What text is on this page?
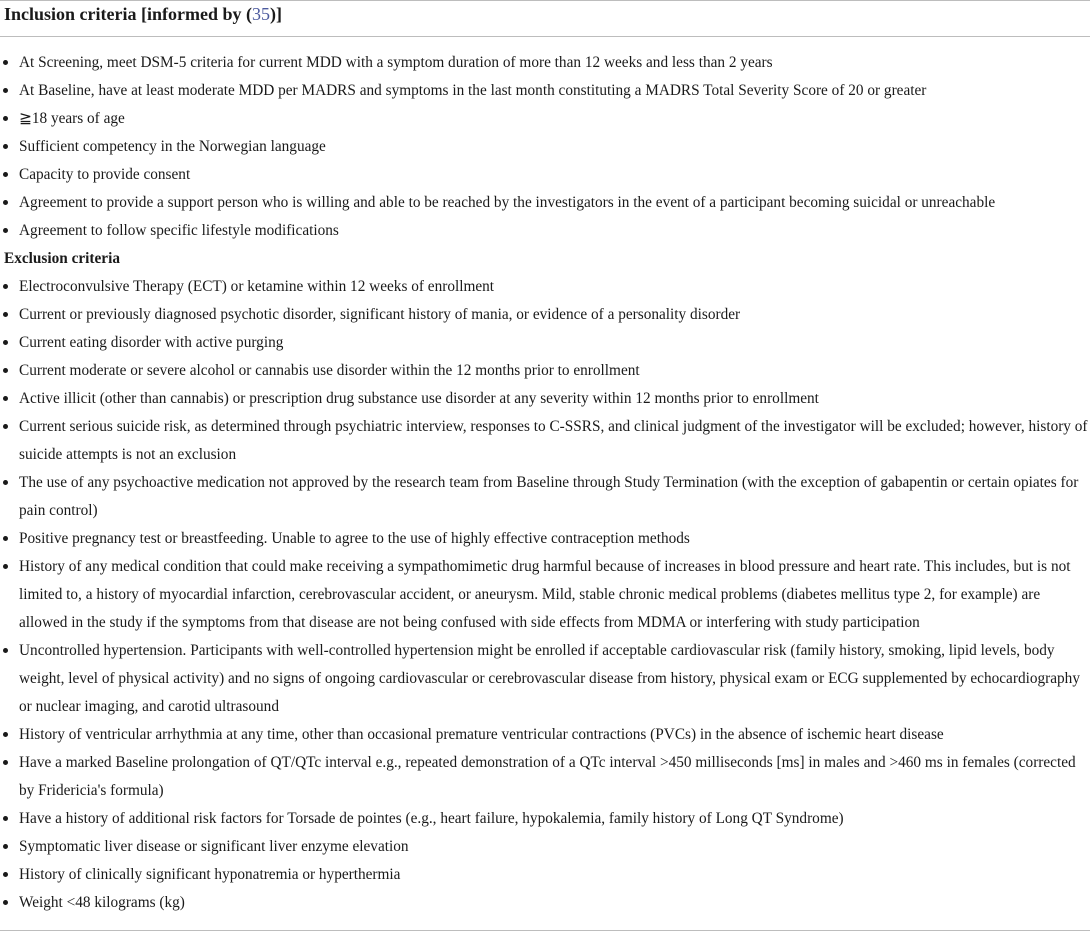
Inclusion criteria [informed by (35)]
At Screening, meet DSM-5 criteria for current MDD with a symptom duration of more than 12 weeks and less than 2 years
At Baseline, have at least moderate MDD per MADRS and symptoms in the last month constituting a MADRS Total Severity Score of 20 or greater
≧18 years of age
Sufficient competency in the Norwegian language
Capacity to provide consent
Agreement to provide a support person who is willing and able to be reached by the investigators in the event of a participant becoming suicidal or unreachable
Agreement to follow specific lifestyle modifications
Exclusion criteria
Electroconvulsive Therapy (ECT) or ketamine within 12 weeks of enrollment
Current or previously diagnosed psychotic disorder, significant history of mania, or evidence of a personality disorder
Current eating disorder with active purging
Current moderate or severe alcohol or cannabis use disorder within the 12 months prior to enrollment
Active illicit (other than cannabis) or prescription drug substance use disorder at any severity within 12 months prior to enrollment
Current serious suicide risk, as determined through psychiatric interview, responses to C-SSRS, and clinical judgment of the investigator will be excluded; however, history of suicide attempts is not an exclusion
The use of any psychoactive medication not approved by the research team from Baseline through Study Termination (with the exception of gabapentin or certain opiates for pain control)
Positive pregnancy test or breastfeeding. Unable to agree to the use of highly effective contraception methods
History of any medical condition that could make receiving a sympathomimetic drug harmful because of increases in blood pressure and heart rate. This includes, but is not limited to, a history of myocardial infarction, cerebrovascular accident, or aneurysm. Mild, stable chronic medical problems (diabetes mellitus type 2, for example) are allowed in the study if the symptoms from that disease are not being confused with side effects from MDMA or interfering with study participation
Uncontrolled hypertension. Participants with well-controlled hypertension might be enrolled if acceptable cardiovascular risk (family history, smoking, lipid levels, body weight, level of physical activity) and no signs of ongoing cardiovascular or cerebrovascular disease from history, physical exam or ECG supplemented by echocardiography or nuclear imaging, and carotid ultrasound
History of ventricular arrhythmia at any time, other than occasional premature ventricular contractions (PVCs) in the absence of ischemic heart disease
Have a marked Baseline prolongation of QT/QTc interval e.g., repeated demonstration of a QTc interval >450 milliseconds [ms] in males and >460 ms in females (corrected by Fridericia's formula)
Have a history of additional risk factors for Torsade de pointes (e.g., heart failure, hypokalemia, family history of Long QT Syndrome)
Symptomatic liver disease or significant liver enzyme elevation
History of clinically significant hyponatremia or hyperthermia
Weight <48 kilograms (kg)
